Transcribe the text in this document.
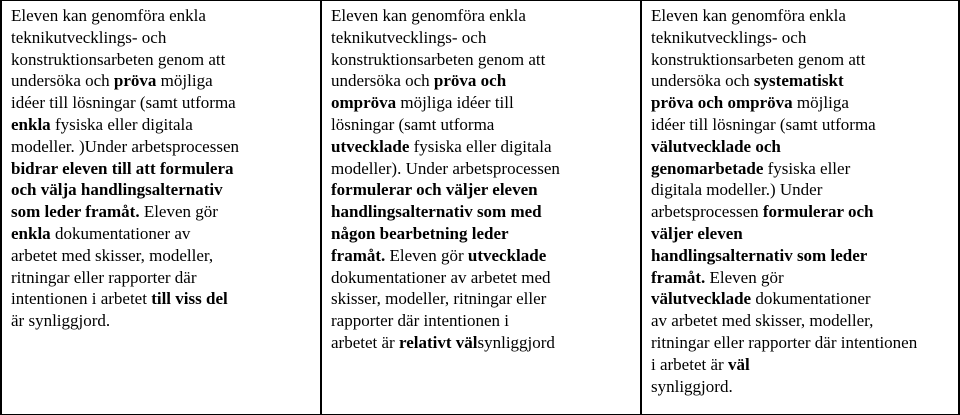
Eleven kan genomföra enkla
teknikutvecklings- och
konstruktionsarbeten genom att
undersöka och pröva möjliga
idéer till lösningar (samt utforma
enkla fysiska eller digitala
modeller. )Under arbetsprocessen
bidrar eleven till att formulera
och välja handlingsalternativ
som leder framåt. Eleven gör
enkla dokumentationer av
arbetet med skisser, modeller,
ritningar eller rapporter där
intentionen i arbetet till viss del
är synliggjord.
Eleven kan genomföra enkla
teknikutvecklings- och
konstruktionsarbeten genom att
undersöka och pröva och
ompröva möjliga idéer till
lösningar (samt utforma
utvecklade fysiska eller digitala
modeller). Under arbetsprocessen
formulerar och väljer eleven
handlingsalternativ som med
någon bearbetning leder
framåt. Eleven gör utvecklade
dokumentationer av arbetet med
skisser, modeller, ritningar eller
rapporter där intentionen i
arbetet är relativt välsynliggjord
Eleven kan genomföra enkla
teknikutvecklings- och
konstruktionsarbeten genom att
undersöka och systematiskt
pröva och ompröva möjliga
idéer till lösningar (samt utforma
välutvecklade och
genomarbetade fysiska eller
digitala modeller.) Under
arbetsprocessen formulerar och
väljer eleven
handlingsalternativ som leder
framåt. Eleven gör
välutvecklade dokumentationer
av arbetet med skisser, modeller,
ritningar eller rapporter där intentionen
i arbetet är väl
synliggjord.
